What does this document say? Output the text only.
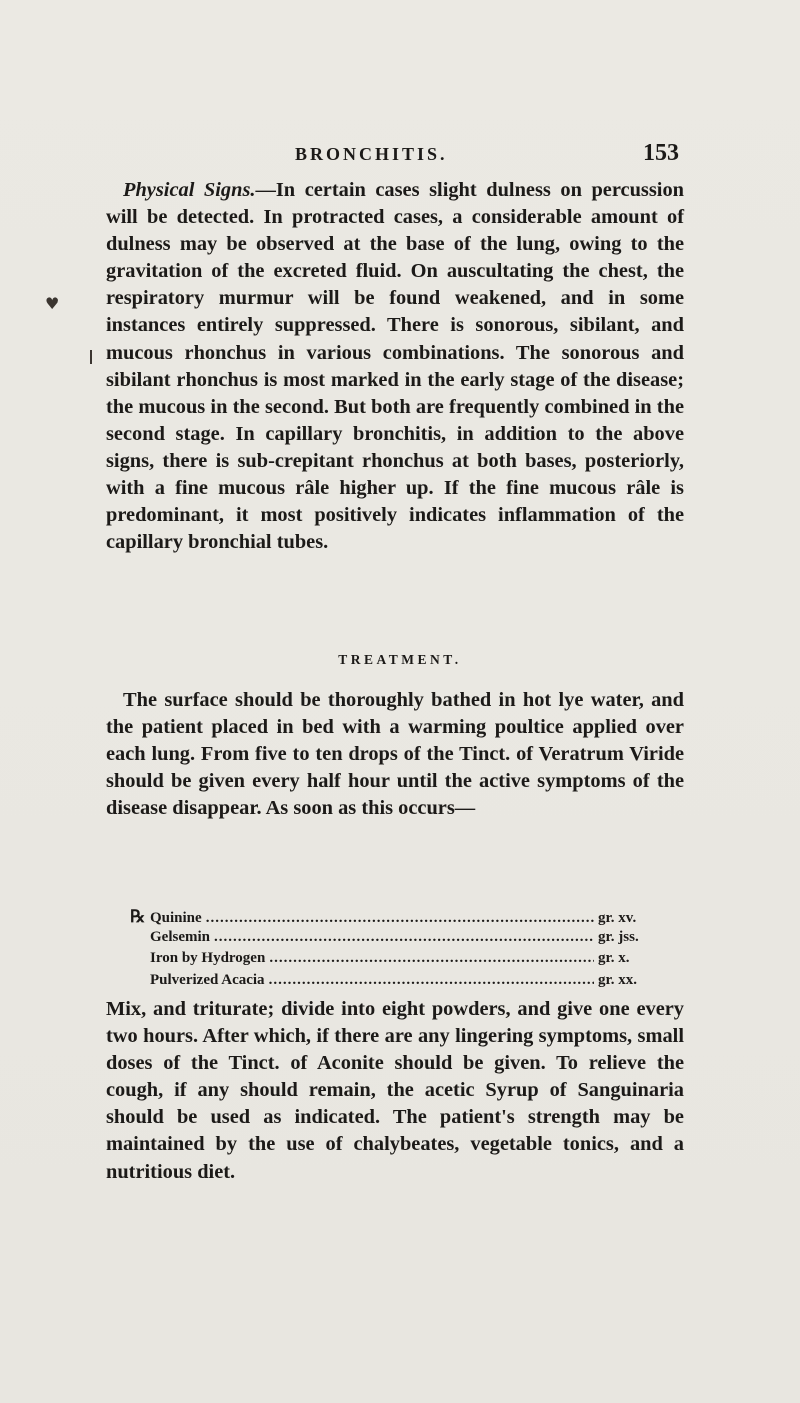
BRONCHITIS.	153
♥

Physical Signs.—In certain cases slight dulness on percussion will be detected. In protracted cases, a considerable amount of dulness may be observed at the base of the lung, owing to the gravitation of the excreted fluid. On auscultating the chest, the respiratory murmur will be found weakened, and in some instances entirely suppressed. There is sonorous, sibilant, and mucous rhonchus in various combinations. The sonorous and sibilant rhonchus is most marked in the early stage of the disease; the mucous in the second. But both are frequently combined in the second stage. In capillary bronchitis, in addition to the above signs, there is sub-crepitant rhonchus at both bases, posteriorly, with a fine mucous râle higher up. If the fine mucous râle is predominant, it most positively indicates inflammation of the capillary bronchial tubes.

TREATMENT.

The surface should be thoroughly bathed in hot lye water, and the patient placed in bed with a warming poultice applied over each lung. From five to ten drops of the Tinct. of Veratrum Viride should be given every half hour until the active symptoms of the disease disappear. As soon as this occurs—

℞ Quinine .....	gr. xv.
Gelsemin .....	gr. jss.
Iron by Hydrogen .....	gr. x.
Pulverized Acacia .....	gr. xx.

Mix, and triturate; divide into eight powders, and give one every two hours. After which, if there are any lingering symptoms, small doses of the Tinct. of Aconite should be given. To relieve the cough, if any should remain, the acetic Syrup of Sanguinaria should be used as indicated. The patient's strength may be maintained by the use of chalybeates, vegetable tonics, and a nutritious diet.
